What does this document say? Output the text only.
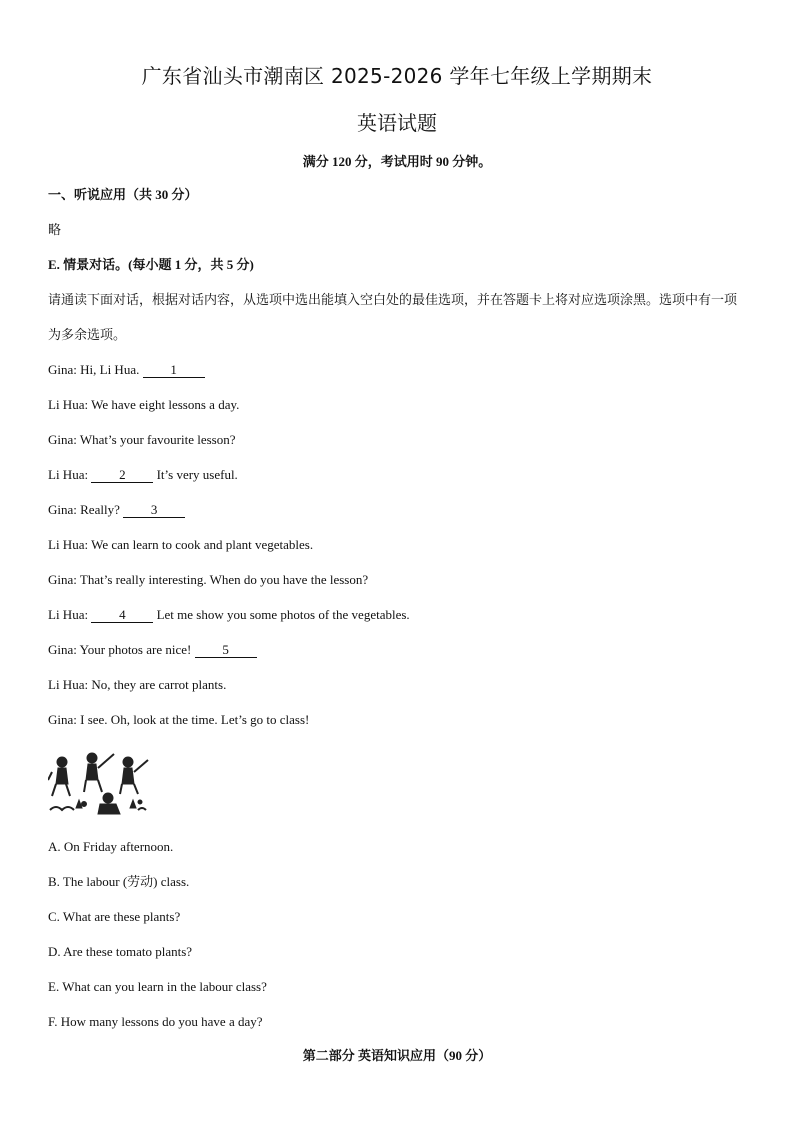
广东省汕头市潮南区 2025-2026 学年七年级上学期期末
英语试题
满分 120 分，考试用时 90 分钟。
一、听说应用（共 30 分）
略
E. 情景对话。(每小题 1 分，共 5 分)
请通读下面对话，根据对话内容，从选项中选出能填入空白处的最佳选项，并在答题卡上将对应选项涂黑。选项中有一项为多余选项。
Gina: Hi, Li Hua. 1
Li Hua: We have eight lessons a day.
Gina: What’s your favourite lesson?
Li Hua: 2 It’s very useful.
Gina: Really? 3
Li Hua: We can learn to cook and plant vegetables.
Gina: That’s really interesting. When do you have the lesson?
Li Hua: 4 Let me show you some photos of the vegetables.
Gina: Your photos are nice! 5
Li Hua: No, they are carrot plants.
Gina: I see. Oh, look at the time. Let’s go to class!
A. On Friday afternoon.
B. The labour (劳动) class.
C. What are these plants?
D. Are these tomato plants?
E. What can you learn in the labour class?
F. How many lessons do you have a day?
第二部分 英语知识应用（90 分）
